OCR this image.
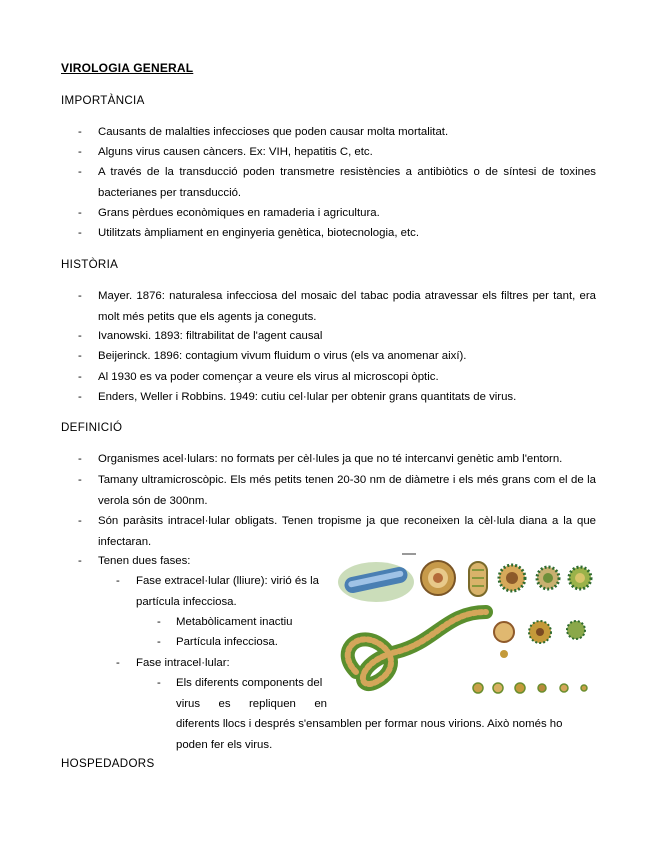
VIROLOGIA GENERAL
IMPORTÀNCIA
- Causants de malalties infeccioses que poden causar molta mortalitat.
- Alguns virus causen càncers. Ex: VIH, hepatitis C, etc.
- A través de la transducció poden transmetre resistències a antibiòtics o de síntesi de toxines bacterianes per transducció.
- Grans pèrdues econòmiques en ramaderia i agricultura.
- Utilitzats àmpliament en enginyeria genètica, biotecnologia, etc.
HISTÒRIA
- Mayer. 1876: naturalesa infecciosa del mosaic del tabac podia atravessar els filtres per tant, era molt més petits que els agents ja coneguts.
- Ivanowski. 1893: filtrabilitat de l'agent causal
- Beijerinck. 1896: contagium vivum fluidum o virus (els va anomenar així).
- Al 1930 es va poder començar a veure els virus al microscopi òptic.
- Enders, Weller i Robbins. 1949: cutiu cel·lular per obtenir grans quantitats de virus.
DEFINICIÓ
- Organismes acel·lulars: no formats per cèl·lules ja que no té intercanvi genètic amb l'entorn.
- Tamany ultramicroscòpic. Els més petits tenen 20-30 nm de diàmetre i els més grans com el de la verola són de 300nm.
- Són paràsits intracel·lular obligats. Tenen tropisme ja que reconeixen la cèl·lula diana a la que infectaran.
- Tenen dues fases:
- Fase extracel·lular (lliure): virió és la
partícula infecciosa.
- Metabòlicament inactiu
- Partícula infecciosa.
- Fase intracel·lular:
- Els diferents components del
virus es repliquen en
diferents llocs i després s'ensamblen per formar nous virions. Això només ho
poden fer els virus.
HOSPEDADORS
